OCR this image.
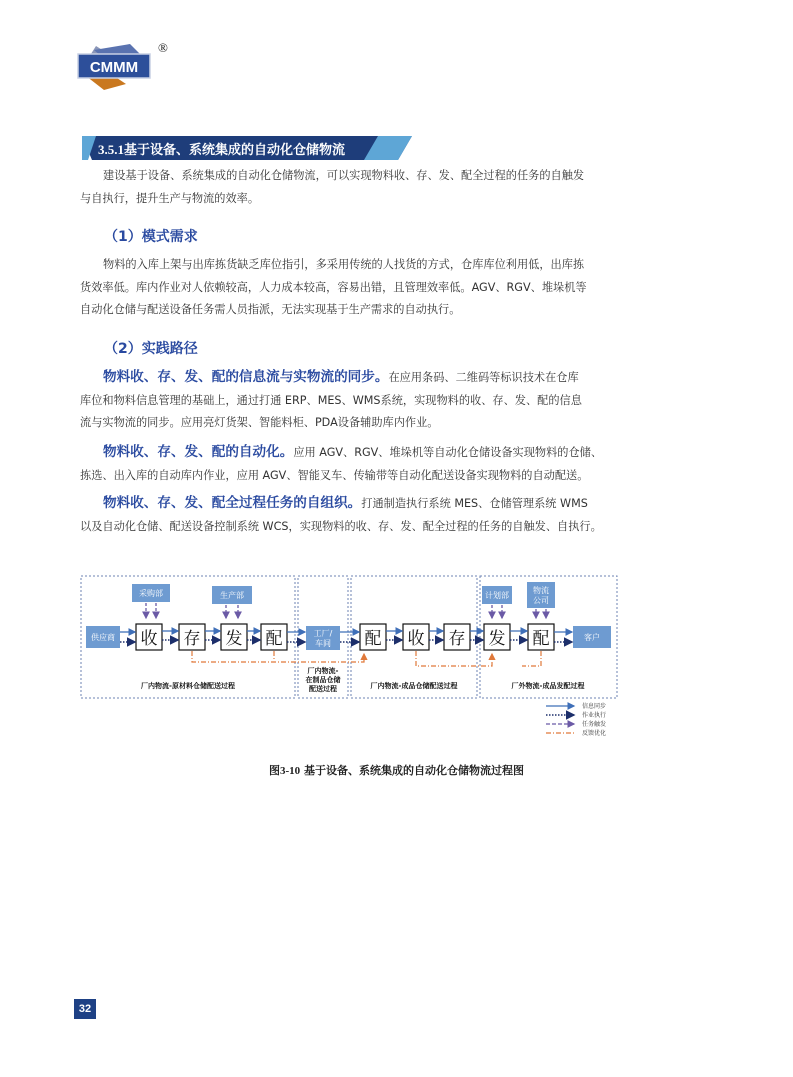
CMMM
®
3.5.1基于设备、系统集成的自动化仓储物流

建设基于设备、系统集成的自动化仓储物流，可以实现物料收、存、发、配全过程的任务的自触发
与自执行，提升生产与物流的效率。

（1）模式需求

物料的入库上架与出库拣货缺乏库位指引，多采用传统的人找货的方式，仓库库位利用低，出库拣
货效率低。库内作业对人依赖较高，人力成本较高，容易出错，且管理效率低。AGV、RGV、堆垛机等
自动化仓储与配送设备任务需人员指派，无法实现基于生产需求的自动执行。

（2）实践路径

物料收、存、发、配的信息流与实物流的同步。在应用条码、二维码等标识技术在仓库
库位和物料信息管理的基础上，通过打通 ERP、MES、WMS系统，实现物料的收、存、发、配的信息
流与实物流的同步。应用亮灯货架、智能料柜、PDA设备辅助库内作业。

物料收、存、发、配的自动化。应用 AGV、RGV、堆垛机等自动化仓储设备实现物料的仓储、
拣选、出入库的自动库内作业，应用 AGV、智能叉车、传输带等自动化配送设备实现物料的自动配送。

物料收、存、发、配全过程任务的自组织。打通制造执行系统 MES、仓储管理系统 WMS
以及自动化仓储、配送设备控制系统 WCS，实现物料的收、存、发、配全过程的任务的自触发、自执行。

采购部	生产部	计划部
物流
公司
供应商 收 存 发 配	工厂/
车间 配 收 存 发 配	客户
厂内物流-原材料仓储配送过程
厂内物流-
在制品仓储
配送过程	厂内物流-成品仓储配送过程	厂外物流-成品发配过程
信息同步
作业执行
任务触发
反馈优化
图3-10 基于设备、系统集成的自动化仓储物流过程图
32
